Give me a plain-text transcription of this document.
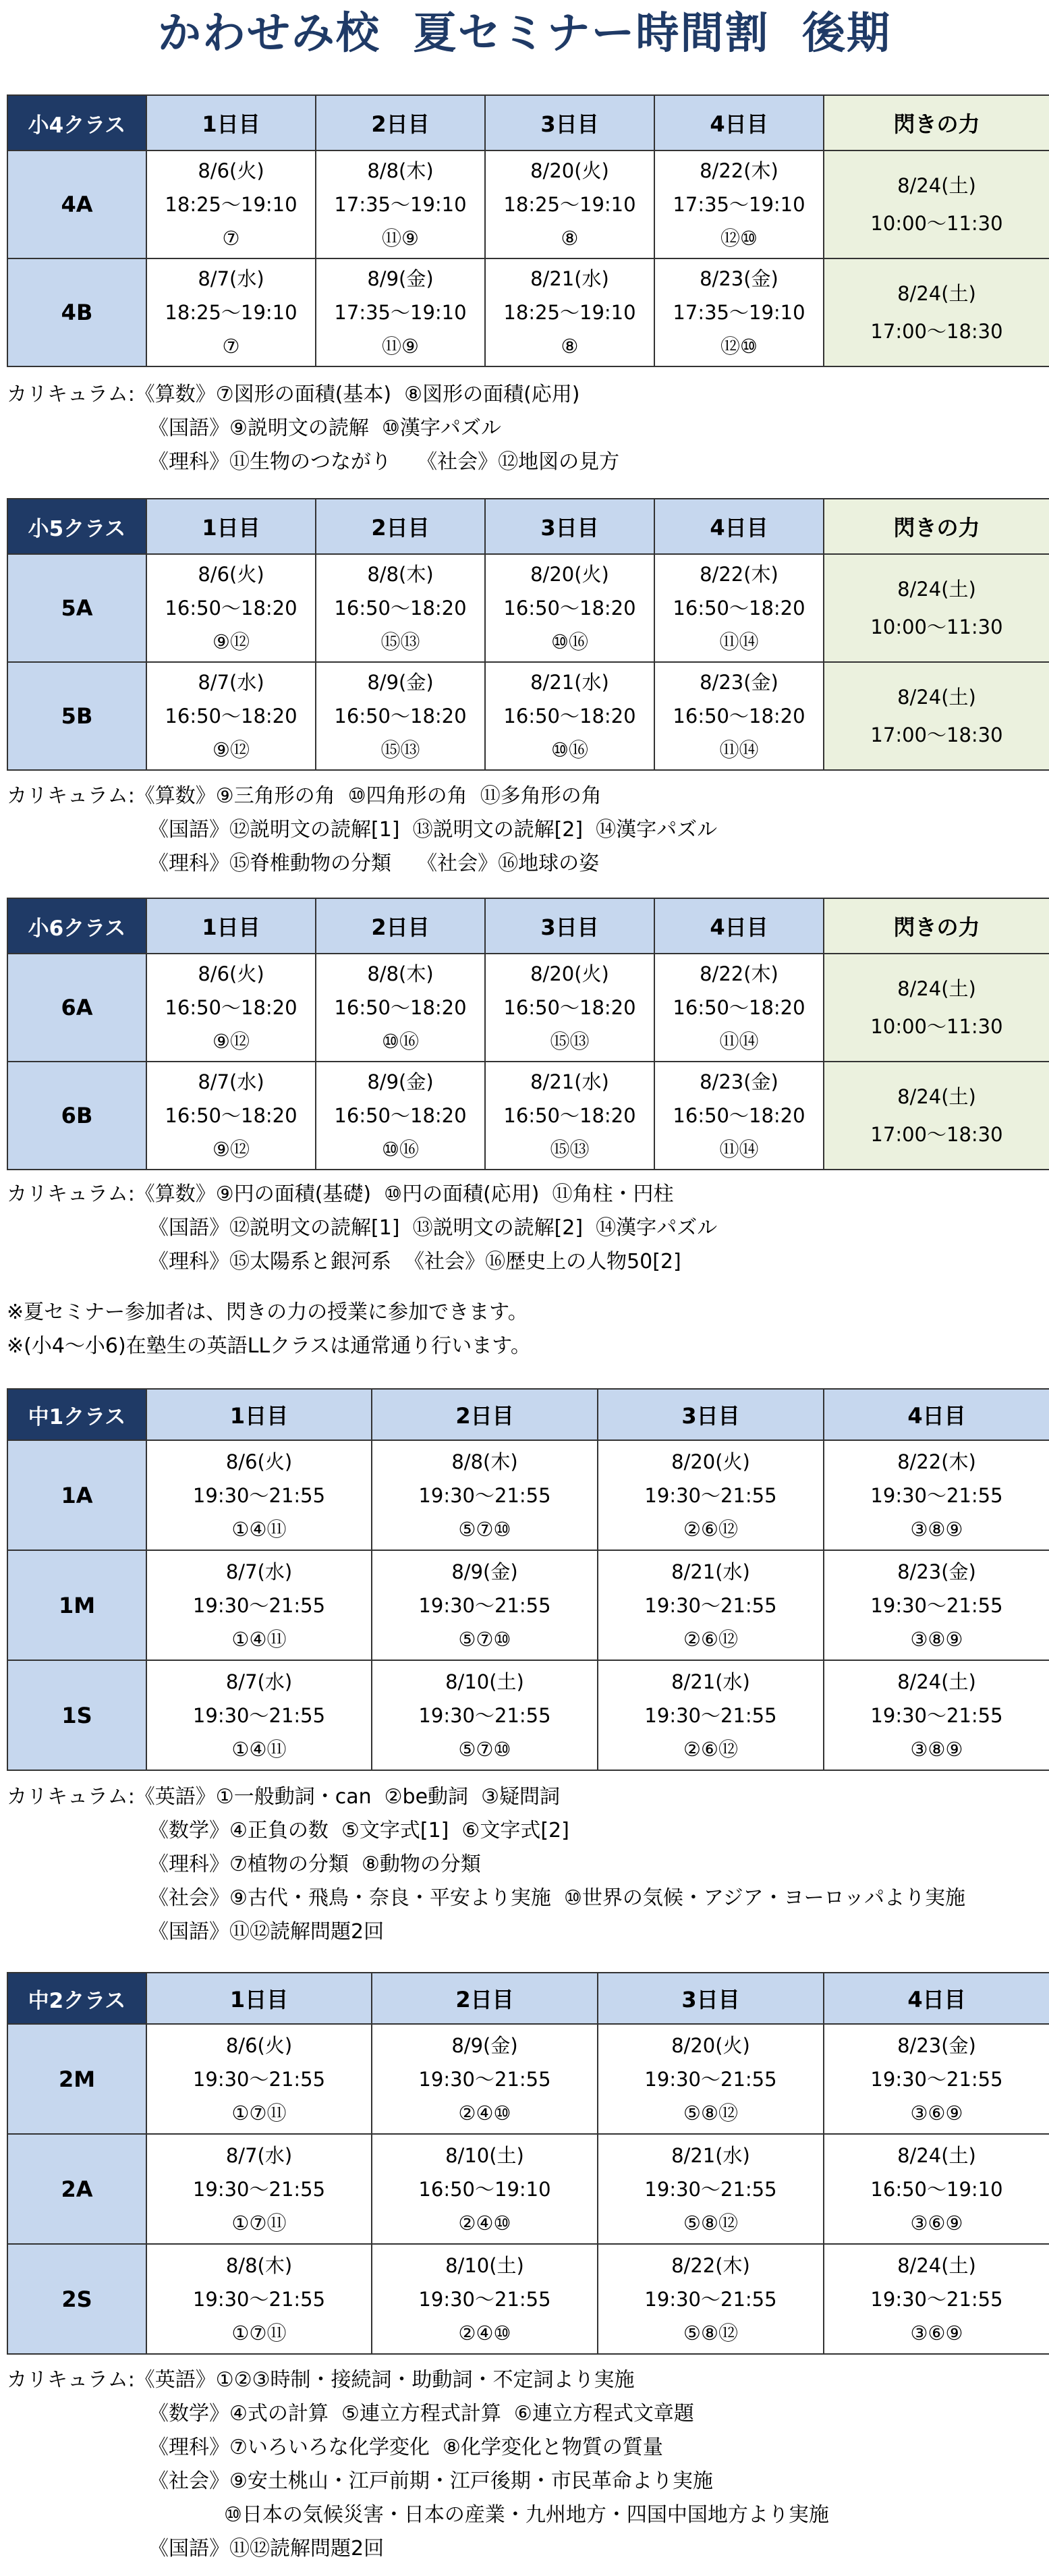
かわせみ校  夏セミナー時間割  後期
小4クラス	1日目	2日目	3日目	4日目	閃きの力
4A	8/6(火)
18:25～19:10
⑦	8/8(木)
17:35～19:10
⑪⑨	8/20(火)
18:25～19:10
⑧	8/22(木)
17:35～19:10
⑫⑩	8/24(土)
10:00～11:30

4B	8/7(水)
18:25～19:10
⑦	8/9(金)
17:35～19:10
⑪⑨	8/21(水)
18:25～19:10
⑧	8/23(金)
17:35～19:10
⑫⑩	8/24(土)
17:00～18:30
カリキュラム:《算数》⑦図形の面積(基本)  ⑧図形の面積(応用)
《国語》⑨説明文の読解  ⑩漢字パズル
《理科》⑪生物のつながり    《社会》⑫地図の見方
小5クラス	1日目	2日目	3日目	4日目	閃きの力
5A	8/6(火)
16:50～18:20
⑨⑫	8/8(木)
16:50～18:20
⑮⑬	8/20(火)
16:50～18:20
⑩⑯	8/22(木)
16:50～18:20
⑪⑭	8/24(土)
10:00～11:30

5B	8/7(水)
16:50～18:20
⑨⑫	8/9(金)
16:50～18:20
⑮⑬	8/21(水)
16:50～18:20
⑩⑯	8/23(金)
16:50～18:20
⑪⑭	8/24(土)
17:00～18:30
カリキュラム:《算数》⑨三角形の角  ⑩四角形の角  ⑪多角形の角
《国語》⑫説明文の読解[1]  ⑬説明文の読解[2]  ⑭漢字パズル
《理科》⑮脊椎動物の分類    《社会》⑯地球の姿
小6クラス	1日目	2日目	3日目	4日目	閃きの力
6A	8/6(火)
16:50～18:20
⑨⑫	8/8(木)
16:50～18:20
⑩⑯	8/20(火)
16:50～18:20
⑮⑬	8/22(木)
16:50～18:20
⑪⑭	8/24(土)
10:00～11:30

6B	8/7(水)
16:50～18:20
⑨⑫	8/9(金)
16:50～18:20
⑩⑯	8/21(水)
16:50～18:20
⑮⑬	8/23(金)
16:50～18:20
⑪⑭	8/24(土)
17:00～18:30
カリキュラム:《算数》⑨円の面積(基礎)  ⑩円の面積(応用)  ⑪角柱・円柱
《国語》⑫説明文の読解[1]  ⑬説明文の読解[2]  ⑭漢字パズル
《理科》⑮太陽系と銀河系  《社会》⑯歴史上の人物50[2]
※夏セミナー参加者は、閃きの力の授業に参加できます。
※(小4～小6)在塾生の英語LLクラスは通常通り行います。
中1クラス	1日目	2日目	3日目	4日目
1A	8/6(火)
19:30～21:55
①④⑪	8/8(木)
19:30～21:55
⑤⑦⑩	8/20(火)
19:30～21:55
②⑥⑫	8/22(木)
19:30～21:55
③⑧⑨

1M	8/7(水)
19:30～21:55
①④⑪	8/9(金)
19:30～21:55
⑤⑦⑩	8/21(水)
19:30～21:55
②⑥⑫	8/23(金)
19:30～21:55
③⑧⑨

1S	8/7(水)
19:30～21:55
①④⑪	8/10(土)
19:30～21:55
⑤⑦⑩	8/21(水)
19:30～21:55
②⑥⑫	8/24(土)
19:30～21:55
③⑧⑨
カリキュラム:《英語》①一般動詞・can  ②be動詞  ③疑問詞
《数学》④正負の数  ⑤文字式[1]  ⑥文字式[2]
《理科》⑦植物の分類  ⑧動物の分類
《社会》⑨古代・飛鳥・奈良・平安より実施  ⑩世界の気候・アジア・ヨーロッパより実施
《国語》⑪⑫読解問題2回
中2クラス	1日目	2日目	3日目	4日目
2M	8/6(火)
19:30～21:55
①⑦⑪	8/9(金)
19:30～21:55
②④⑩	8/20(火)
19:30～21:55
⑤⑧⑫	8/23(金)
19:30～21:55
③⑥⑨

2A	8/7(水)
19:30～21:55
①⑦⑪	8/10(土)
16:50～19:10
②④⑩	8/21(水)
19:30～21:55
⑤⑧⑫	8/24(土)
16:50～19:10
③⑥⑨

2S	8/8(木)
19:30～21:55
①⑦⑪	8/10(土)
19:30～21:55
②④⑩	8/22(木)
19:30～21:55
⑤⑧⑫	8/24(土)
19:30～21:55
③⑥⑨
カリキュラム:《英語》①②③時制・接続詞・助動詞・不定詞より実施
《数学》④式の計算  ⑤連立方程式計算  ⑥連立方程式文章題
《理科》⑦いろいろな化学変化  ⑧化学変化と物質の質量
《社会》⑨安土桃山・江戸前期・江戸後期・市民革命より実施
⑩日本の気候災害・日本の産業・九州地方・四国中国地方より実施
《国語》⑪⑫読解問題2回
